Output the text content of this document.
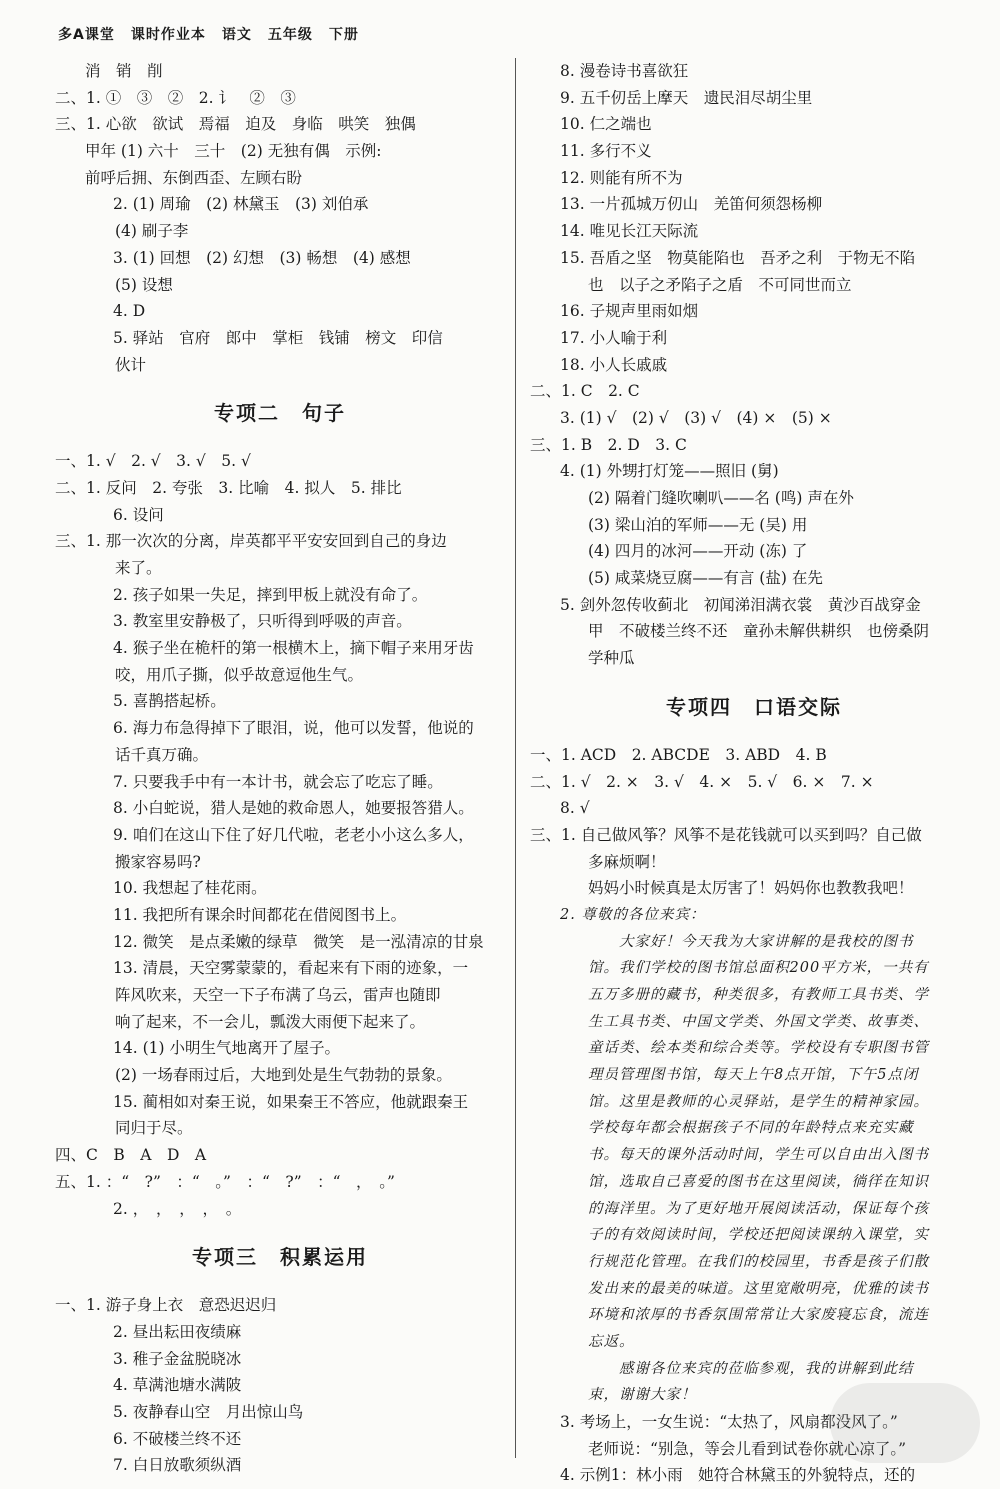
多A课堂 课时作业本 语文 五年级 下册
消　销　削
二、1. ①　③　②　2. 讠　②　③
三、1. 心欲　欲试　焉福　迫及　身临　哄笑　独偶
甲年 (1) 六十　三十　(2) 无独有偶　示例:
前呼后拥、东倒西歪、左顾右盼
2. (1) 周瑜　(2) 林黛玉　(3) 刘伯承
(4) 刷子李
3. (1) 回想　(2) 幻想　(3) 畅想　(4) 感想
(5) 设想
4. D
5. 驿站　官府　郎中　掌柜　钱铺　榜文　印信
伙计
专项二　句子
一、1. √　2. √　3. √　5. √
二、1. 反问　2. 夸张　3. 比喻　4. 拟人　5. 排比
6. 设问
三、1. 那一次次的分离，岸英都平平安安回到自己的身边
来了。
2. 孩子如果一失足，摔到甲板上就没有命了。
3. 教室里安静极了，只听得到呼吸的声音。
4. 猴子坐在桅杆的第一根横木上，摘下帽子来用牙齿
咬，用爪子撕，似乎故意逗他生气。
5. 喜鹊搭起桥。
6. 海力布急得掉下了眼泪，说，他可以发誓，他说的
话千真万确。
7. 只要我手中有一本计书，就会忘了吃忘了睡。
8. 小白蛇说，猎人是她的救命恩人，她要报答猎人。
9. 咱们在这山下住了好几代啦，老老小小这么多人，
搬家容易吗?
10. 我想起了桂花雨。
11. 我把所有课余时间都花在借阅图书上。
12. 微笑　是点柔嫩的绿草　微笑　是一泓清凉的甘泉
13. 清晨，天空雾蒙蒙的，看起来有下雨的迹象，一
阵风吹来，天空一下子布满了乌云，雷声也随即
响了起来，不一会儿，瓢泼大雨便下起来了。
14. (1) 小明生气地离开了屋子。
(2) 一场春雨过后，大地到处是生气勃勃的景象。
15. 蔺相如对秦王说，如果秦王不答应，他就跟秦王
同归于尽。
四、C　B　A　D　A
五、1. ：“　?”　：“　。”　：“　?”　：“　，　。”
2. ，　，　，　，　。
专项三　积累运用
一、1. 游子身上衣　意恐迟迟归
2. 昼出耘田夜绩麻
3. 稚子金盆脱晓冰
4. 草满池塘水满陂
5. 夜静春山空　月出惊山鸟
6. 不破楼兰终不还
7. 白日放歌须纵酒
8. 漫卷诗书喜欲狂
9. 五千仞岳上摩天　遗民泪尽胡尘里
10. 仁之端也
11. 多行不义
12. 则能有所不为
13. 一片孤城万仞山　羌笛何须怨杨柳
14. 唯见长江天际流
15. 吾盾之坚　物莫能陷也　吾矛之利　于物无不陷
也　以子之矛陷子之盾　不可同世而立
16. 子规声里雨如烟
17. 小人喻于利
18. 小人长戚戚
二、1. C　2. C
3. (1) √　(2) √　(3) √　(4) ×　(5) ×
三、1. B　2. D　3. C
4. (1) 外甥打灯笼——照旧 (舅)
(2) 隔着门缝吹喇叭——名 (鸣) 声在外
(3) 梁山泊的军师——无 (吴) 用
(4) 四月的冰河——开动 (冻) 了
(5) 咸菜烧豆腐——有言 (盐) 在先
5. 剑外忽传收蓟北　初闻涕泪满衣裳　黄沙百战穿金
甲　不破楼兰终不还　童孙未解供耕织　也傍桑阴
学种瓜
专项四　口语交际
一、1. ACD　2. ABCDE　3. ABD　4. B
二、1. √　2. ×　3. √　4. ×　5. √　6. ×　7. ×
8. √
三、1. 自己做风筝？风筝不是花钱就可以买到吗？自己做
多麻烦啊！
妈妈小时候真是太厉害了！妈妈你也教教我吧！
2. 尊敬的各位来宾：
　　大家好！今天我为大家讲解的是我校的图书
馆。我们学校的图书馆总面积200平方米，一共有
五万多册的藏书，种类很多，有教师工具书类、学
生工具书类、中国文学类、外国文学类、故事类、
童话类、绘本类和综合类等。学校设有专职图书管
理员管理图书馆，每天上午8点开馆，下午5点闭
馆。这里是教师的心灵驿站，是学生的精神家园。
学校每年都会根据孩子不同的年龄特点来充实藏
书。每天的课外活动时间，学生可以自由出入图书
馆，选取自己喜爱的图书在这里阅读，徜徉在知识
的海洋里。为了更好地开展阅读活动，保证每个孩
子的有效阅读时间，学校还把阅读课纳入课堂，实
行规范化管理。在我们的校园里，书香是孩子们散
发出来的最美的味道。这里宽敞明亮，优雅的读书
环境和浓厚的书香氛围常常让大家废寝忘食，流连
忘返。
　　感谢各位来宾的莅临参观，我的讲解到此结
束，谢谢大家！
3. 考场上，一女生说：“太热了，风扇都没风了。”
老师说：“别急，等会儿看到试卷你就心凉了。”
4. 示例1：林小雨　她符合林黛玉的外貌特点，还的
